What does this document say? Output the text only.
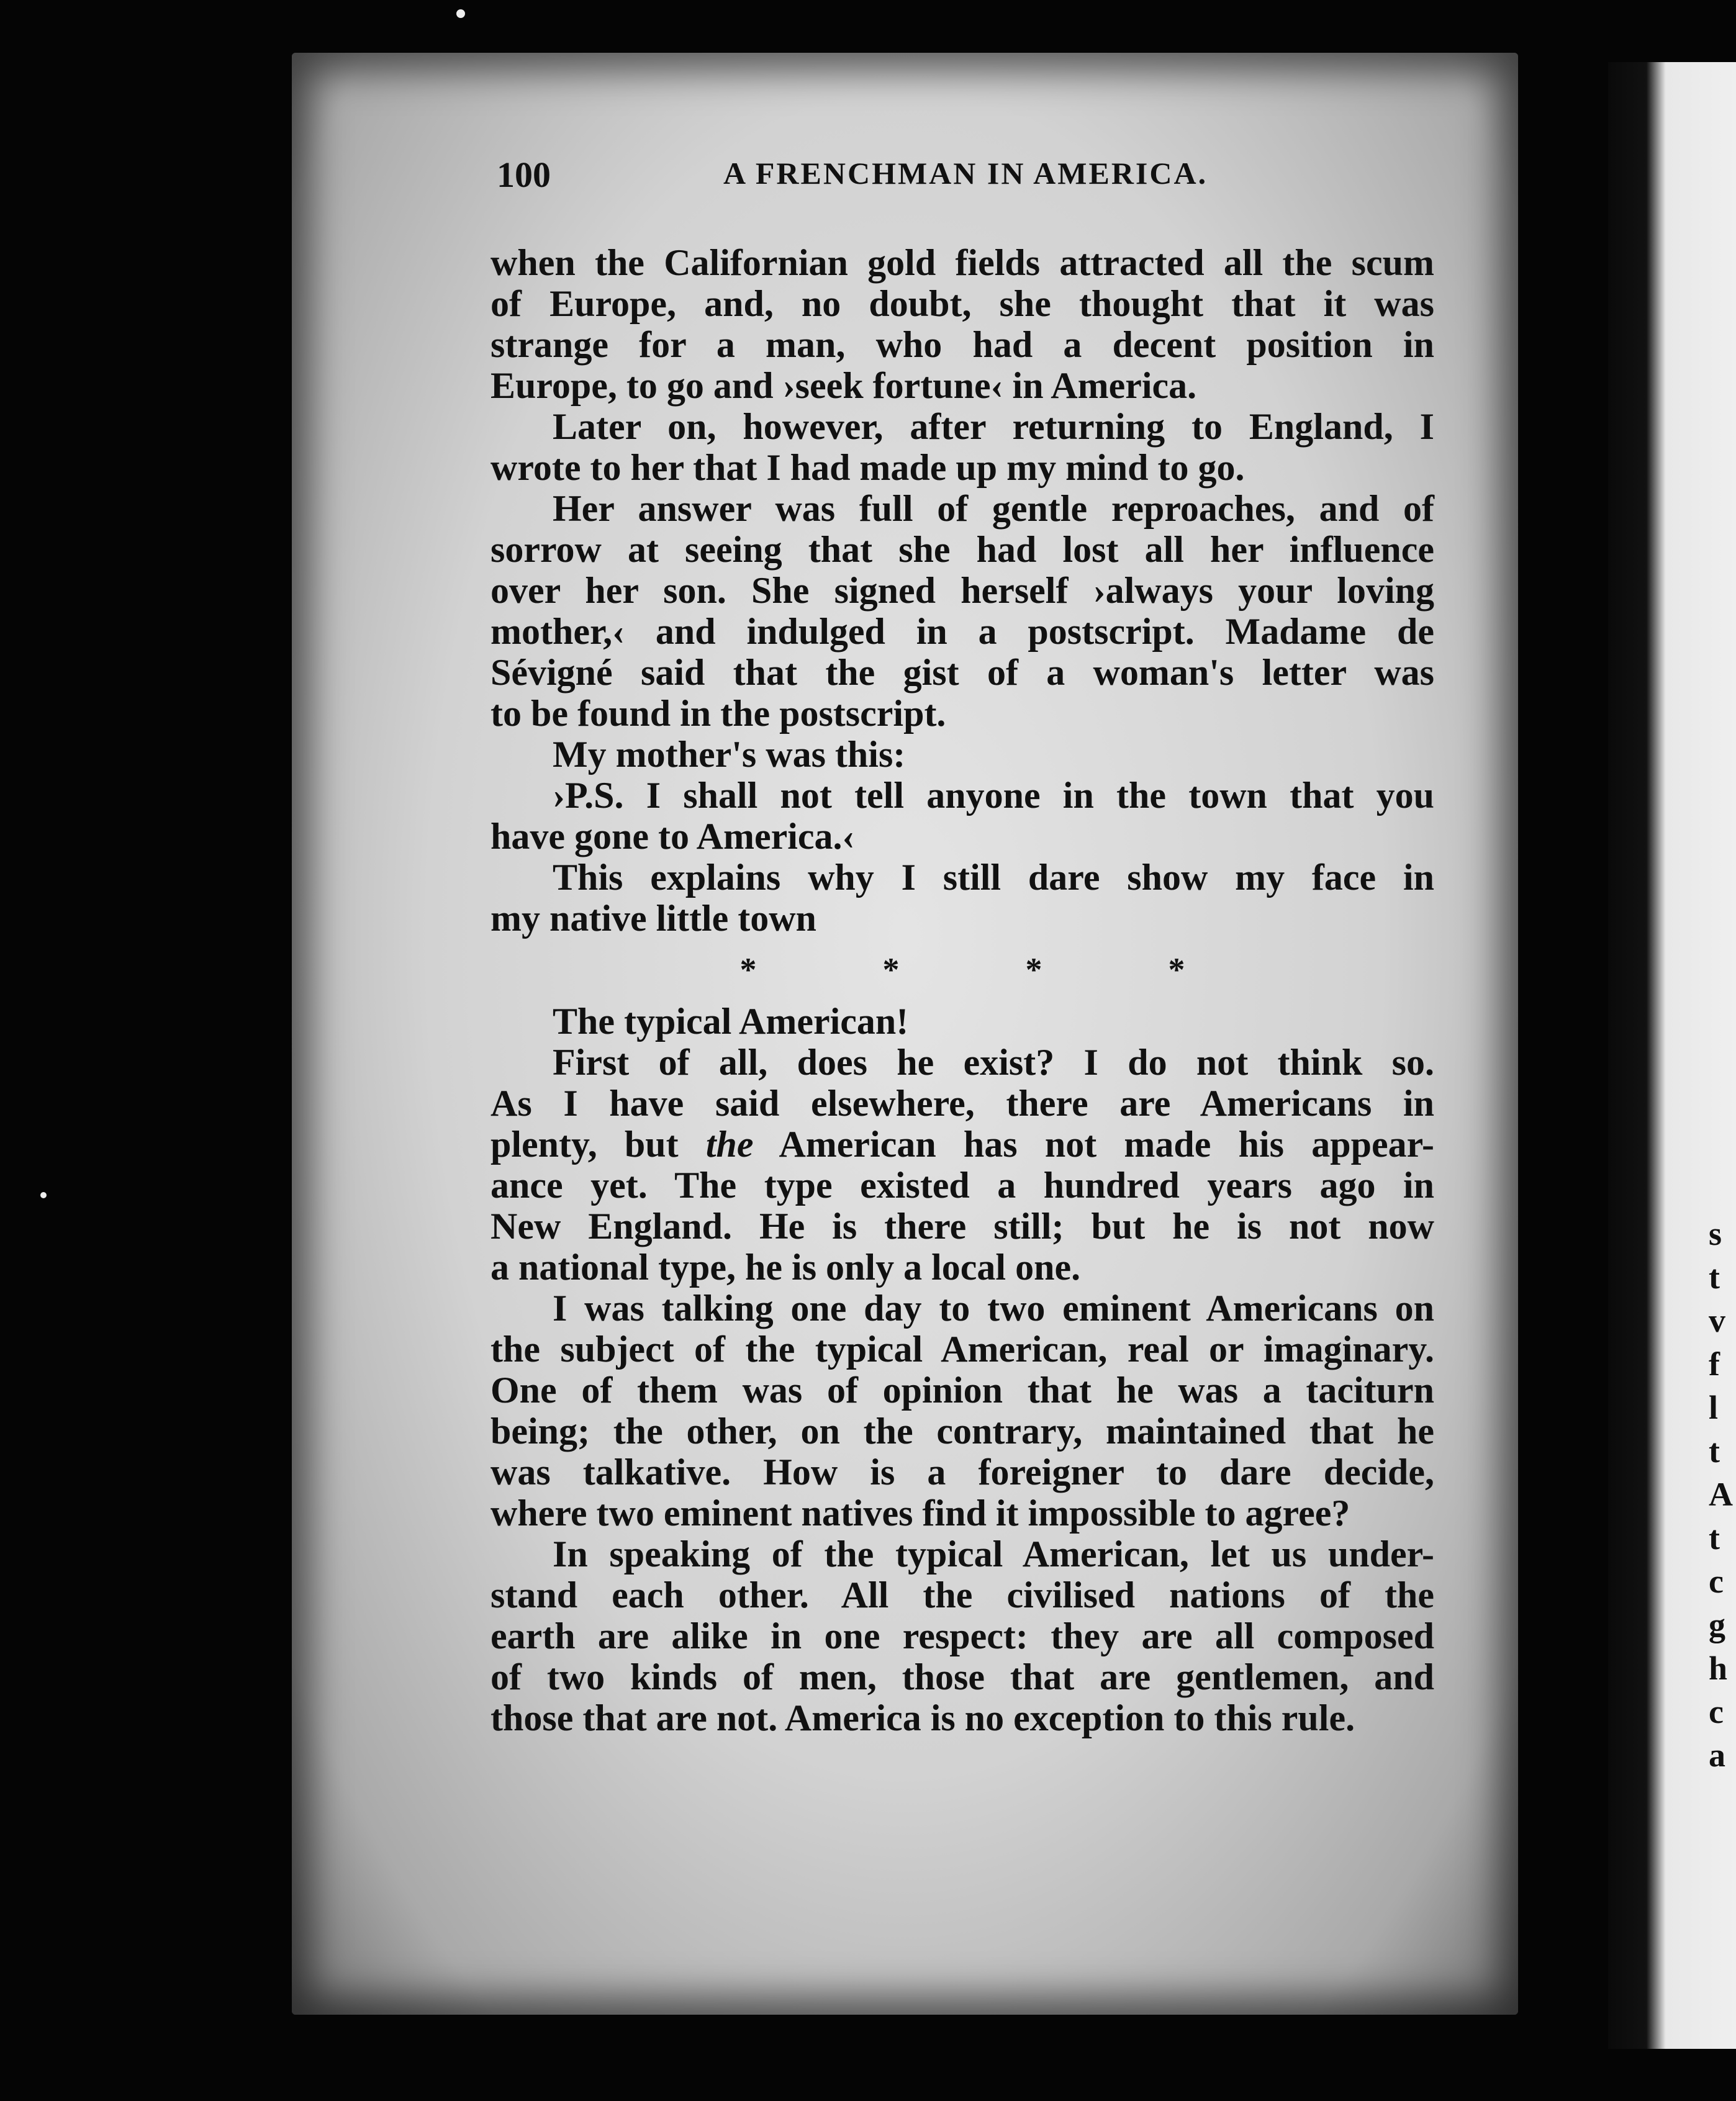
s
t
v
f
l
t
A
t
c
g
h
c
a
100	A FRENCHMAN IN AMERICA.
when the Californian gold fields attracted all the scum
of Europe, and, no doubt, she thought that it was
strange for a man, who had a decent position in
Europe, to go and ›seek fortune‹ in America.
Later on, however, after returning to England, I
wrote to her that I had made up my mind to go.
Her answer was full of gentle reproaches, and of
sorrow at seeing that she had lost all her influence
over her son. She signed herself ›always your loving
mother,‹ and indulged in a postscript. Madame de
Sévigné said that the gist of a woman's letter was
to be found in the postscript.
My mother's was this:
›P.S. I shall not tell anyone in the town that you
have gone to America.‹
This explains why I still dare show my face in
my native little town
*	*	*	*
The typical American!
First of all, does he exist? I do not think so.
As I have said elsewhere, there are Americans in
plenty, but the American has not made his appear-
ance yet. The type existed a hundred years ago in
New England. He is there still; but he is not now
a national type, he is only a local one.
I was talking one day to two eminent Americans on
the subject of the typical American, real or imaginary.
One of them was of opinion that he was a taciturn
being; the other, on the contrary, maintained that he
was talkative. How is a foreigner to dare decide,
where two eminent natives find it impossible to agree?
In speaking of the typical American, let us under-
stand each other. All the civilised nations of the
earth are alike in one respect: they are all composed
of two kinds of men, those that are gentlemen, and
those that are not. America is no exception to this rule.
